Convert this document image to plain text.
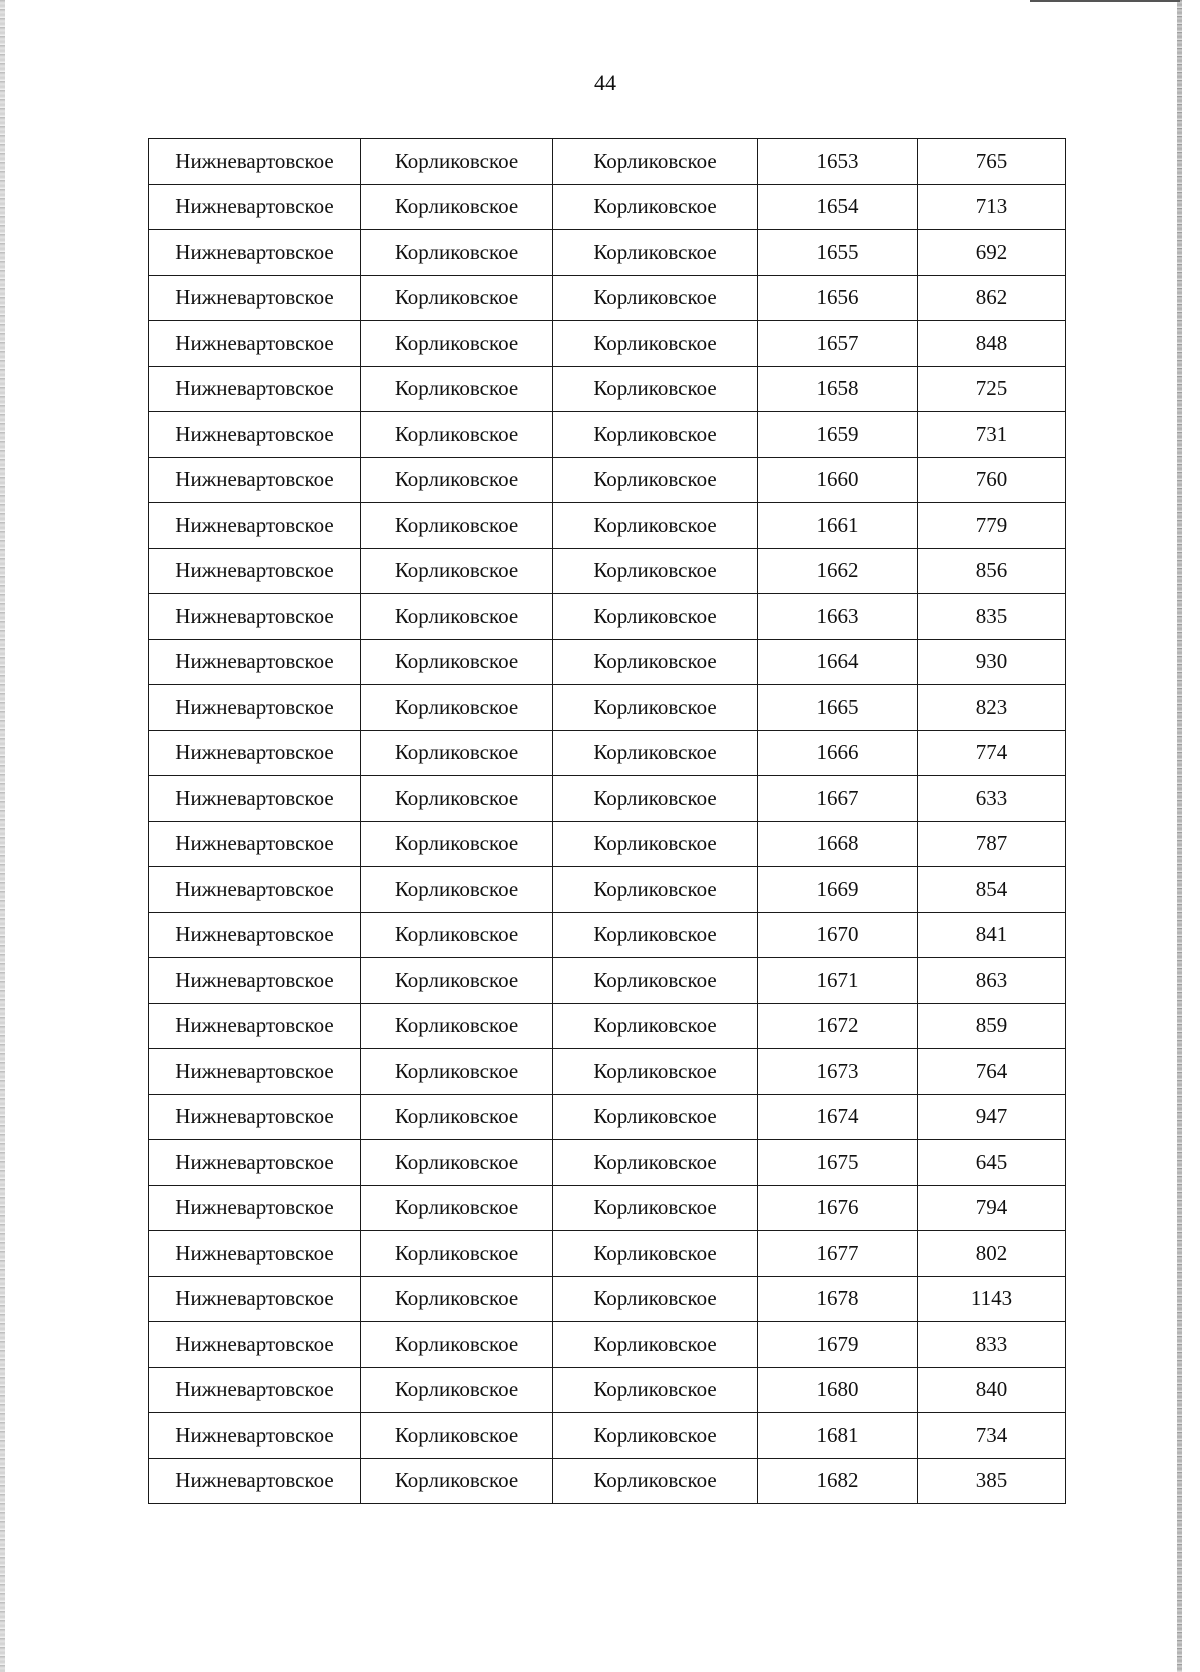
44
Нижневартовское	Корликовское	Корликовское	1653	765
Нижневартовское	Корликовское	Корликовское	1654	713
Нижневартовское	Корликовское	Корликовское	1655	692
Нижневартовское	Корликовское	Корликовское	1656	862
Нижневартовское	Корликовское	Корликовское	1657	848
Нижневартовское	Корликовское	Корликовское	1658	725
Нижневартовское	Корликовское	Корликовское	1659	731
Нижневартовское	Корликовское	Корликовское	1660	760
Нижневартовское	Корликовское	Корликовское	1661	779
Нижневартовское	Корликовское	Корликовское	1662	856
Нижневартовское	Корликовское	Корликовское	1663	835
Нижневартовское	Корликовское	Корликовское	1664	930
Нижневартовское	Корликовское	Корликовское	1665	823
Нижневартовское	Корликовское	Корликовское	1666	774
Нижневартовское	Корликовское	Корликовское	1667	633
Нижневартовское	Корликовское	Корликовское	1668	787
Нижневартовское	Корликовское	Корликовское	1669	854
Нижневартовское	Корликовское	Корликовское	1670	841
Нижневартовское	Корликовское	Корликовское	1671	863
Нижневартовское	Корликовское	Корликовское	1672	859
Нижневартовское	Корликовское	Корликовское	1673	764
Нижневартовское	Корликовское	Корликовское	1674	947
Нижневартовское	Корликовское	Корликовское	1675	645
Нижневартовское	Корликовское	Корликовское	1676	794
Нижневартовское	Корликовское	Корликовское	1677	802
Нижневартовское	Корликовское	Корликовское	1678	1143
Нижневартовское	Корликовское	Корликовское	1679	833
Нижневартовское	Корликовское	Корликовское	1680	840
Нижневартовское	Корликовское	Корликовское	1681	734
Нижневартовское	Корликовское	Корликовское	1682	385
